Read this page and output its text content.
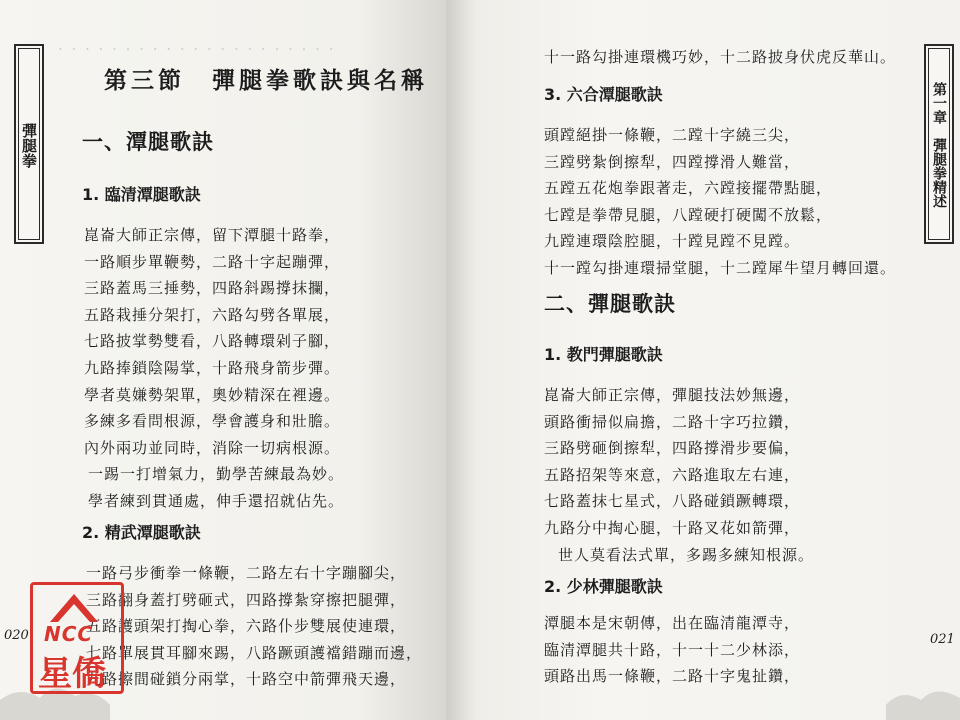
· · · · · · · · · · · · · · · · · · · · ·
彈腿拳
第三節　彈腿拳歌訣與名稱
一、潭腿歌訣
1. 臨清潭腿歌訣
崑崙大師正宗傳，留下潭腿十路拳，
一路順步單鞭勢，二路十字起蹦彈，
三路蓋馬三捶勢，四路斜踢撐抹攔，
五路栽捶分架打，六路勾劈各單展，
七路披掌勢雙看，八路轉環剁子腳，
九路捧鎖陰陽掌，十路飛身箭步彈。
學者莫嫌勢架單，奧妙精深在裡邊。
多練多看問根源，學會護身和壯膽。
內外兩功並同時，消除一切病根源。
一踢一打增氣力，勤學苦練最為妙。
學者練到貫通處，伸手還招就佔先。
2. 精武潭腿歌訣
一路弓步衝拳一條鞭，二路左右十字蹦腳尖，
三路翻身蓋打劈砸式，四路撐紮穿擦把腿彈，
五路護頭架打掏心拳，六路仆步雙展使連環，
七路單展貫耳腳來踢，八路蹶頭護襠錯蹦而邊，
九路擦間碰鎖分兩掌，十路空中箭彈飛天邊，
020 NCC
星僑
第一章　彈腿拳精述
十一路勾掛連環機巧妙，十二路披身伏虎反華山。
3. 六合潭腿歌訣
頭蹚絕掛一條鞭，二蹚十字繞三尖，
三蹚劈紮倒擦犁，四蹚撐滑人難當，
五蹚五花炮拳跟著走，六蹚接擺帶點腿，
七蹚是拳帶見腿，八蹚硬打硬闖不放鬆，
九蹚連環陰腔腿，十蹚見蹚不見蹚。
十一蹚勾掛連環掃堂腿，十二蹚犀牛望月轉回還。
二、彈腿歌訣
1. 教門彈腿歌訣
崑崙大師正宗傳，彈腿技法妙無邊，
頭路衝掃似扁擔，二路十字巧拉鑽，
三路劈砸倒擦犁，四路撐滑步要偏，
五路招架等來意，六路進取左右連，
七路蓋抹七星式，八路碰鎖蹶轉環，
九路分中掏心腿，十路叉花如箭彈，
世人莫看法式單，多踢多練知根源。
2. 少林彈腿歌訣
潭腿本是宋朝傳，出在臨清龍潭寺，
臨清潭腿共十路，十一十二少林添，
頭路出馬一條鞭，二路十字鬼扯鑽，
021
